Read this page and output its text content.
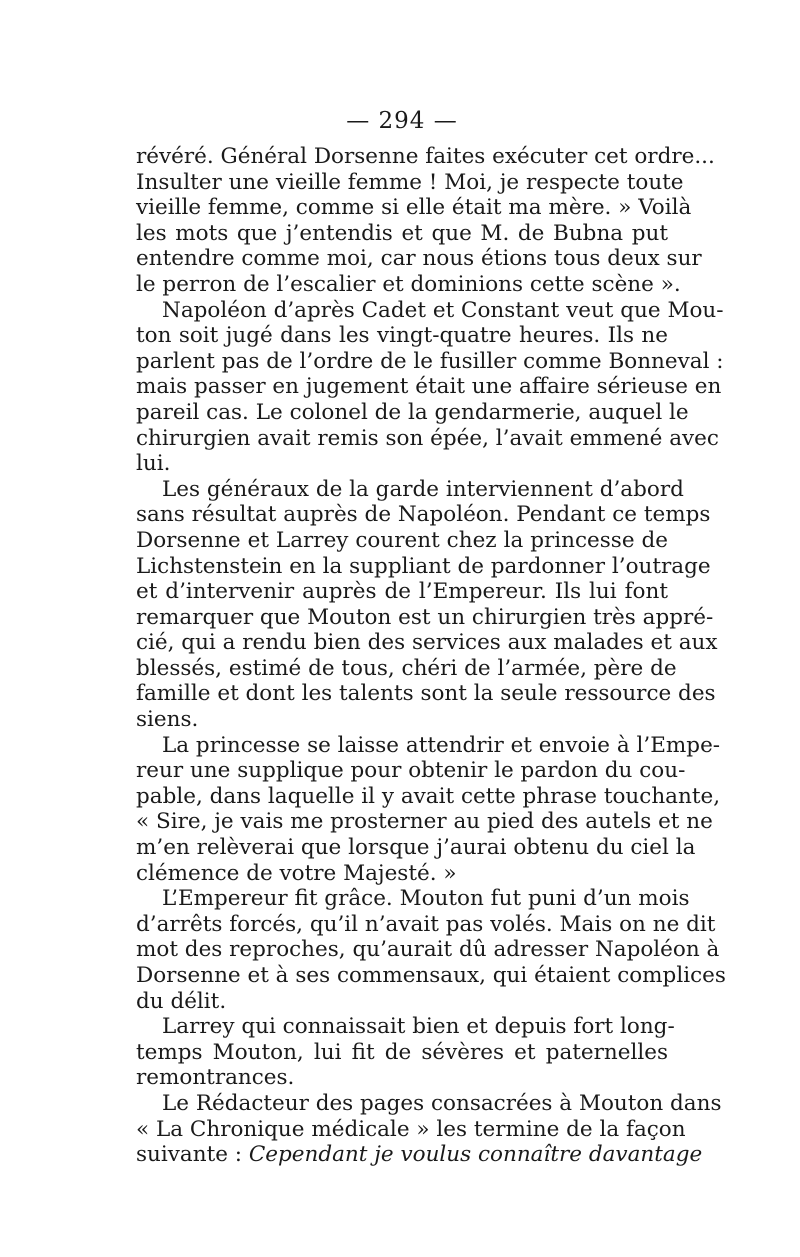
— 294 —
révéré. Général Dorsenne faites exécuter cet ordre...
Insulter une vieille femme ! Moi, je respecte toute
vieille femme, comme si elle était ma mère. » Voilà
les mots que j’entendis et que M. de Bubna put
entendre comme moi, car nous étions tous deux sur
le perron de l’escalier et dominions cette scène ».
Napoléon d’après Cadet et Constant veut que Mou-
ton soit jugé dans les vingt-quatre heures. Ils ne
parlent pas de l’ordre de le fusiller comme Bonneval :
mais passer en jugement était une affaire sérieuse en
pareil cas. Le colonel de la gendarmerie, auquel le
chirurgien avait remis son épée, l’avait emmené avec
lui.
Les généraux de la garde interviennent d’abord
sans résultat auprès de Napoléon. Pendant ce temps
Dorsenne et Larrey courent chez la princesse de
Lichstenstein en la suppliant de pardonner l’outrage
et d’intervenir auprès de l’Empereur. Ils lui font
remarquer que Mouton est un chirurgien très appré-
cié, qui a rendu bien des services aux malades et aux
blessés, estimé de tous, chéri de l’armée, père de
famille et dont les talents sont la seule ressource des
siens.
La princesse se laisse attendrir et envoie à l’Empe-
reur une supplique pour obtenir le pardon du cou-
pable, dans laquelle il y avait cette phrase touchante,
« Sire, je vais me prosterner au pied des autels et ne
m’en relèverai que lorsque j’aurai obtenu du ciel la
clémence de votre Majesté. »
L’Empereur fit grâce. Mouton fut puni d’un mois
d’arrêts forcés, qu’il n’avait pas volés. Mais on ne dit
mot des reproches, qu’aurait dû adresser Napoléon à
Dorsenne et à ses commensaux, qui étaient complices
du délit.
Larrey qui connaissait bien et depuis fort long-
temps Mouton, lui fit de sévères et paternelles
remontrances.
Le Rédacteur des pages consacrées à Mouton dans
« La Chronique médicale » les termine de la façon
suivante : Cependant je voulus connaître davantage
